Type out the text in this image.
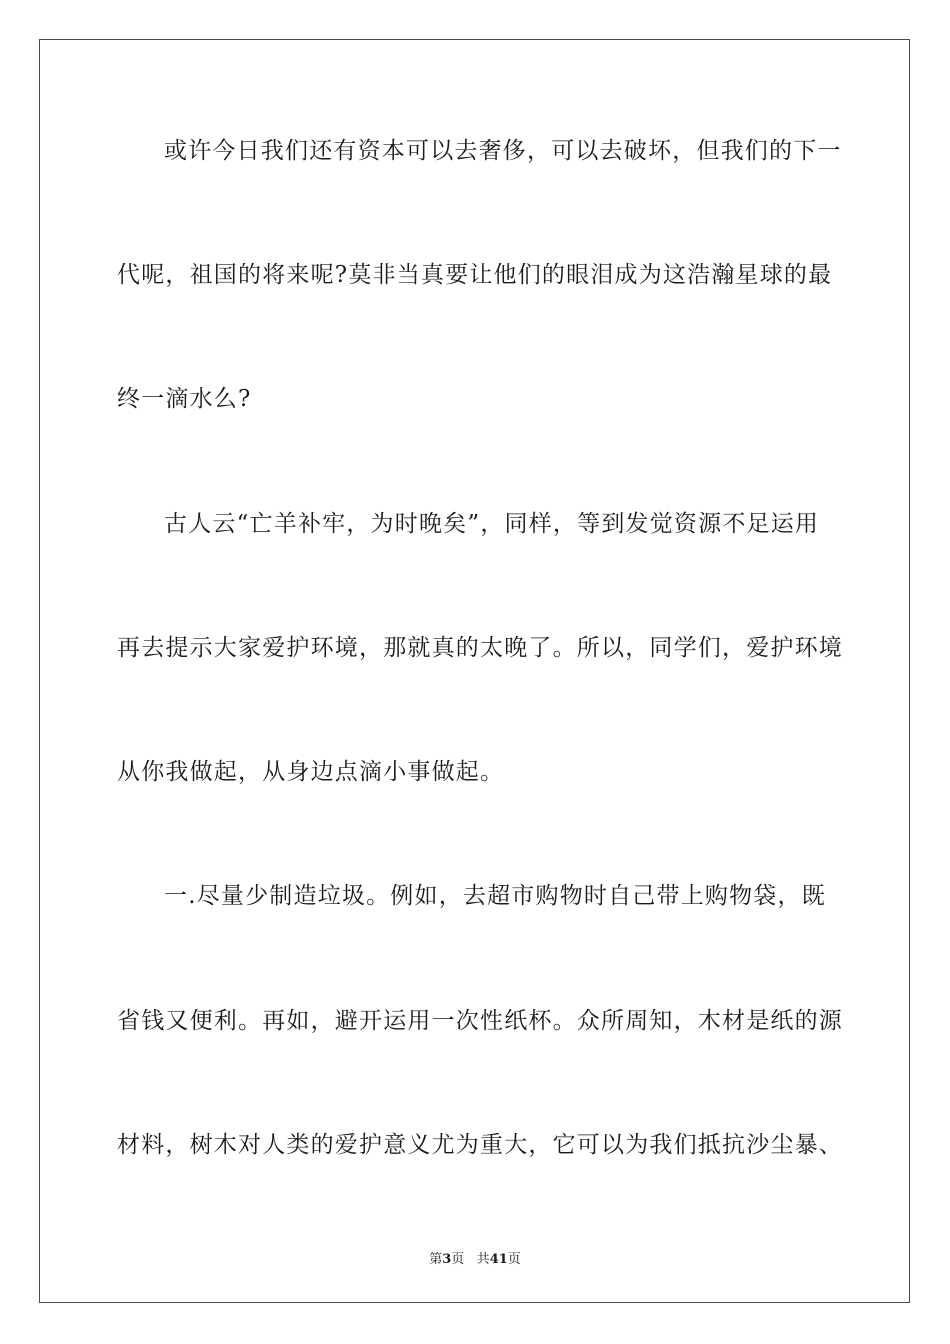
或许今日我们还有资本可以去奢侈，可以去破坏，但我们的下一
代呢，祖国的将来呢?莫非当真要让他们的眼泪成为这浩瀚星球的最
终一滴水么?
古人云“亡羊补牢，为时晚矣”，同样，等到发觉资源不足运用
再去提示大家爱护环境，那就真的太晚了。所以，同学们，爱护环境
从你我做起，从身边点滴小事做起。
一.尽量少制造垃圾。例如，去超市购物时自己带上购物袋，既
省钱又便利。再如，避开运用一次性纸杯。众所周知，木材是纸的源
材料，树木对人类的爱护意义尤为重大，它可以为我们抵抗沙尘暴、
第3页 共41页
